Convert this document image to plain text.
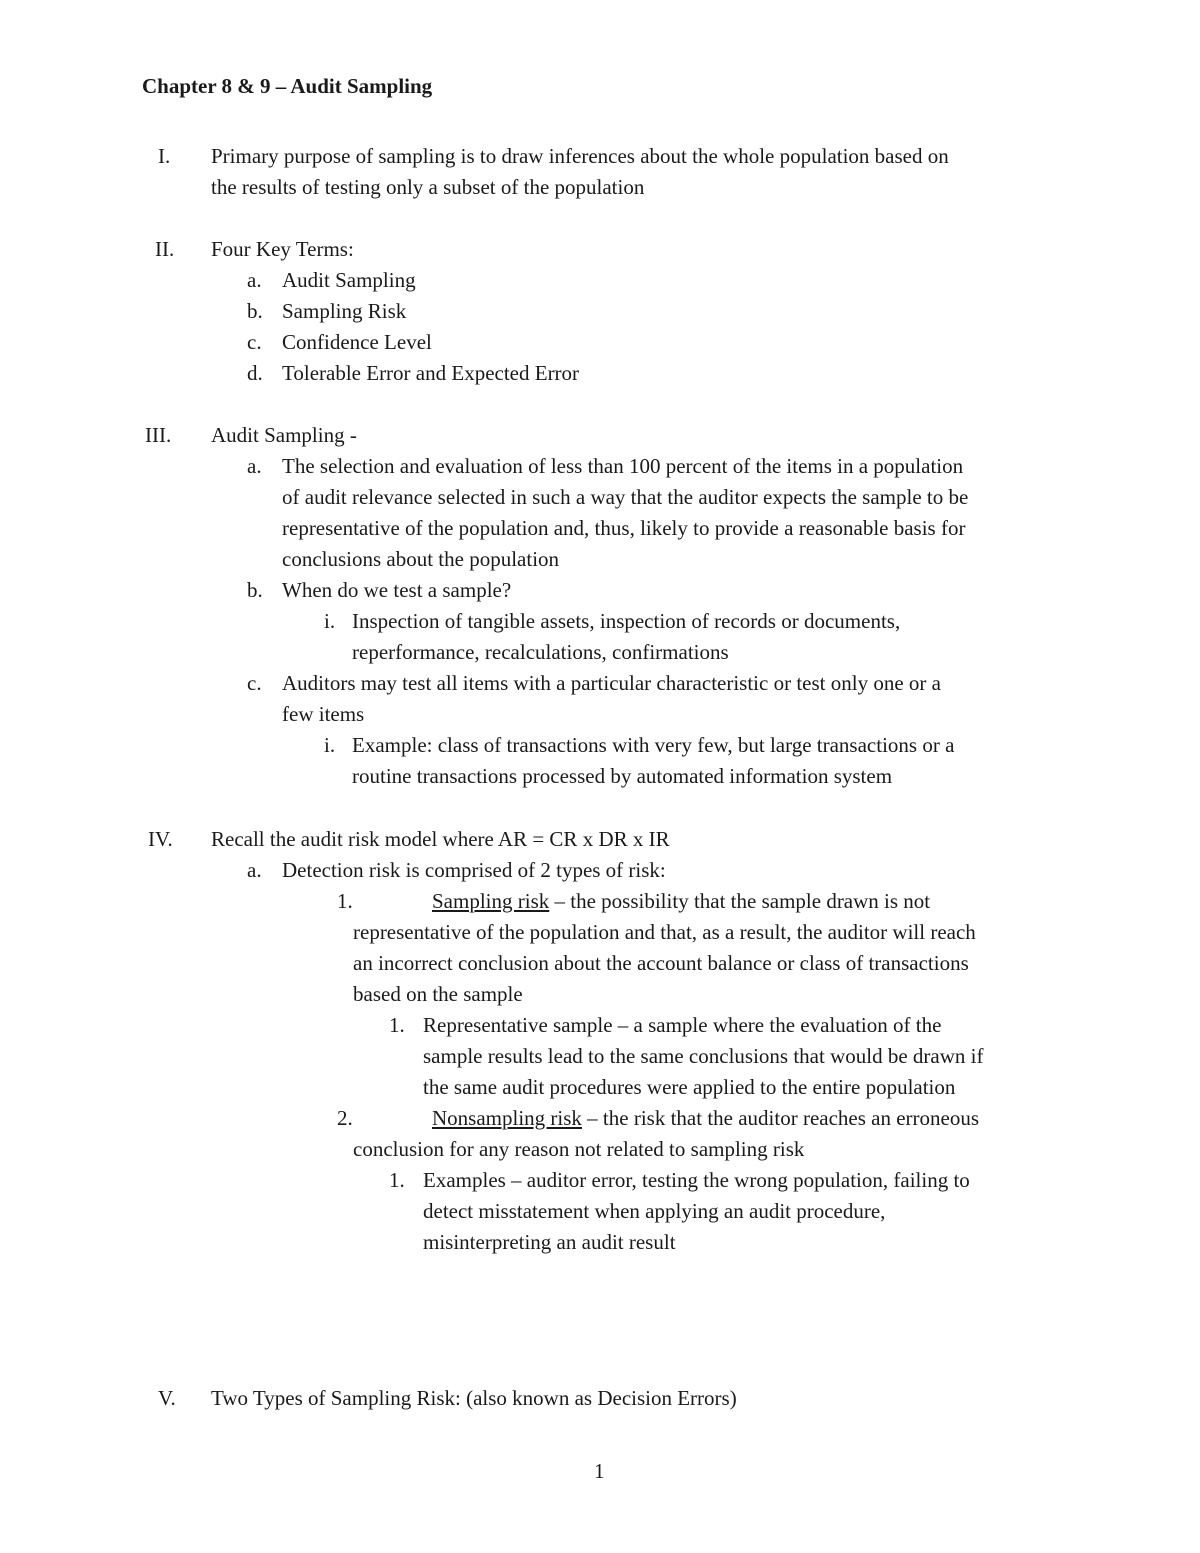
Chapter 8 & 9 – Audit Sampling
I. Primary purpose of sampling is to draw inferences about the whole population based on
the results of testing only a subset of the population
II. Four Key Terms:
a. Audit Sampling
b. Sampling Risk
c. Confidence Level
d. Tolerable Error and Expected Error
III. Audit Sampling -
a. The selection and evaluation of less than 100 percent of the items in a population
of audit relevance selected in such a way that the auditor expects the sample to be
representative of the population and, thus, likely to provide a reasonable basis for
conclusions about the population
b. When do we test a sample?
i. Inspection of tangible assets, inspection of records or documents,
reperformance, recalculations, confirmations
c. Auditors may test all items with a particular characteristic or test only one or a
few items
i. Example: class of transactions with very few, but large transactions or a
routine transactions processed by automated information system
IV. Recall the audit risk model where AR = CR x DR x IR
a. Detection risk is comprised of 2 types of risk:
1.	Sampling risk – the possibility that the sample drawn is not
representative of the population and that, as a result, the auditor will reach
an incorrect conclusion about the account balance or class of transactions
based on the sample
1. Representative sample – a sample where the evaluation of the
sample results lead to the same conclusions that would be drawn if
the same audit procedures were applied to the entire population
2.	Nonsampling risk – the risk that the auditor reaches an erroneous
conclusion for any reason not related to sampling risk
1. Examples – auditor error, testing the wrong population, failing to
detect misstatement when applying an audit procedure,
misinterpreting an audit result
V. Two Types of Sampling Risk: (also known as Decision Errors)
1
